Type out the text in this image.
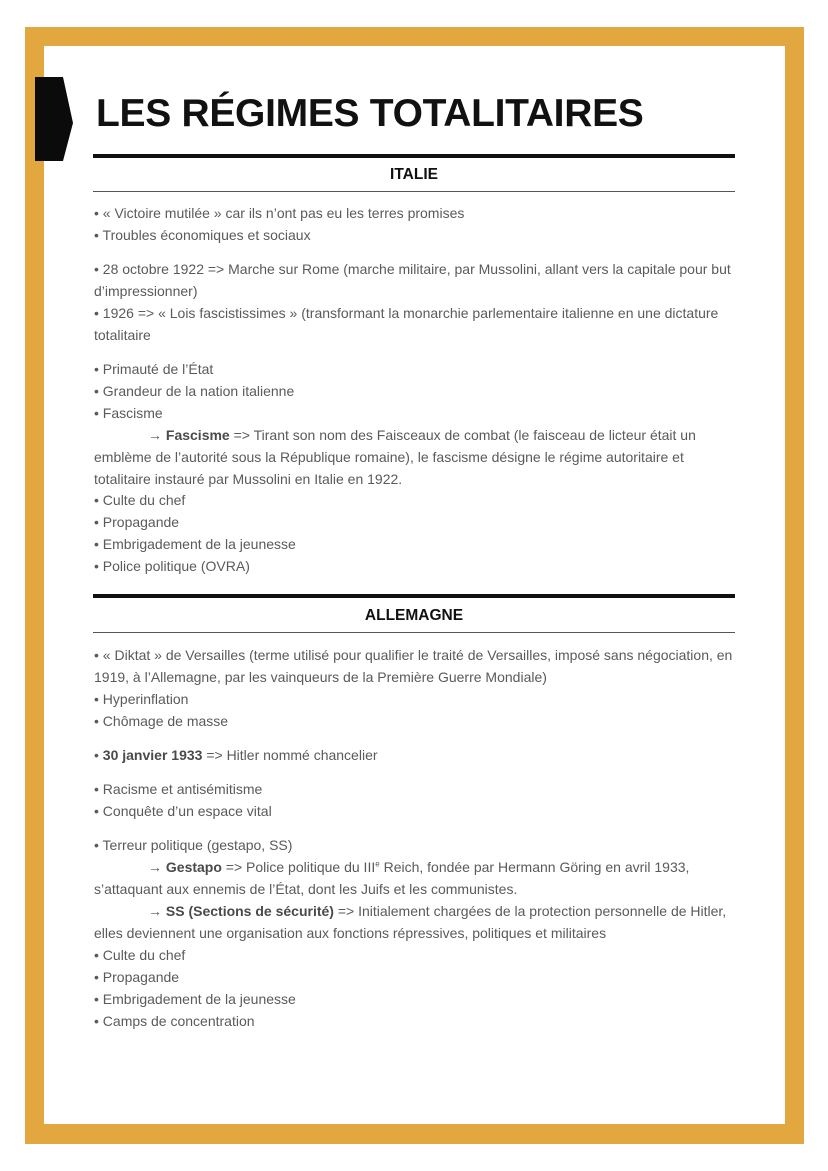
LES RÉGIMES TOTALITAIRES
ITALIE

• « Victoire mutilée » car ils n’ont pas eu les terres promises

• Troubles économiques et sociaux

• 28 octobre 1922 => Marche sur Rome (marche militaire, par Mussolini, allant vers la capitale pour but d’impressionner)

• 1926 => « Lois fascistissimes » (transformant la monarchie parlementaire italienne en une dictature totalitaire

• Primauté de l’État

• Grandeur de la nation italienne

• Fascisme

→ Fascisme => Tirant son nom des Faisceaux de combat (le faisceau de licteur était un emblème de l’autorité sous la République romaine), le fascisme désigne le régime autoritaire et totalitaire instauré par Mussolini en Italie en 1922.

• Culte du chef

• Propagande

• Embrigadement de la jeunesse

• Police politique (OVRA)

ALLEMAGNE

• « Diktat » de Versailles (terme utilisé pour qualifier le traité de Versailles, imposé sans négociation, en 1919, à l’Allemagne, par les vainqueurs de la Première Guerre Mondiale)

• Hyperinflation

• Chômage de masse

• 30 janvier 1933 => Hitler nommé chancelier

• Racisme et antisémitisme

• Conquête d’un espace vital

• Terreur politique (gestapo, SS)

→ Gestapo => Police politique du IIIe Reich, fondée par Hermann Göring en avril 1933, s’attaquant aux ennemis de l’État, dont les Juifs et les communistes.

→ SS (Sections de sécurité) => Initialement chargées de la protection personnelle de Hitler, elles deviennent une organisation aux fonctions répressives, politiques et militaires

• Culte du chef

• Propagande

• Embrigadement de la jeunesse

• Camps de concentration
